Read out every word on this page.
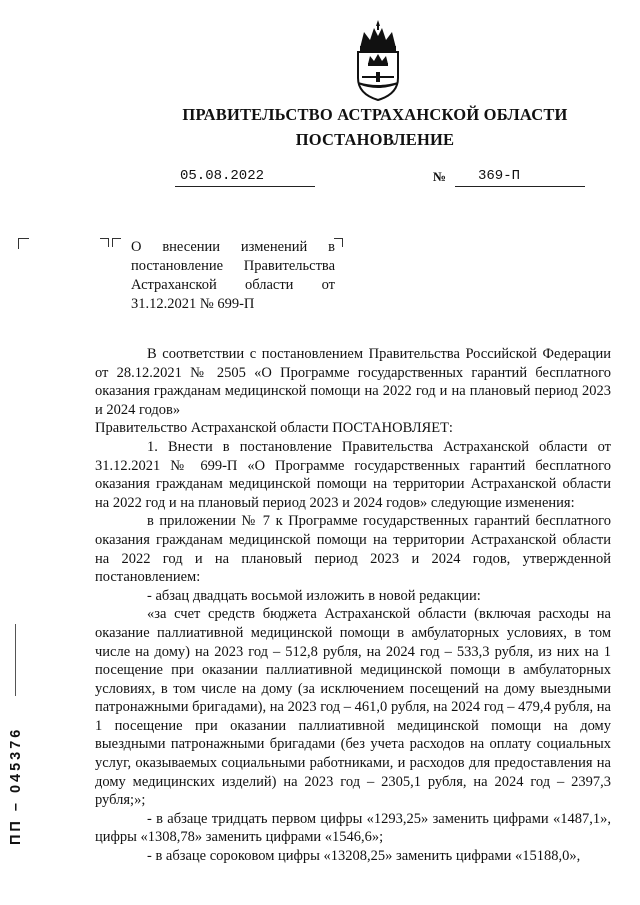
ПРАВИТЕЛЬСТВО АСТРАХАНСКОЙ ОБЛАСТИ
ПОСТАНОВЛЕНИЕ
05.08.2022	№ 369-П
О внесении изменений в постановление Правительства Астраханской области от 31.12.2021 № 699-П

В соответствии с постановлением Правительства Российской Федерации от 28.12.2021 № 2505 «О Программе государственных гарантий бесплатного оказания гражданам медицинской помощи на 2022 год и на плановый период 2023 и 2024 годов»

Правительство Астраханской области ПОСТАНОВЛЯЕТ:

1. Внести в постановление Правительства Астраханской области от 31.12.2021 № 699-П «О Программе государственных гарантий бесплатного оказания гражданам медицинской помощи на территории Астраханской области на 2022 год и на плановый период 2023 и 2024 годов» следующие изменения:

в приложении № 7 к Программе государственных гарантий бесплатного оказания гражданам медицинской помощи на территории Астраханской области на 2022 год и на плановый период 2023 и 2024 годов, утвержденной постановлением:

- абзац двадцать восьмой изложить в новой редакции:

«за счет средств бюджета Астраханской области (включая расходы на оказание паллиативной медицинской помощи в амбулаторных условиях, в том числе на дому) на 2023 год – 512,8 рубля, на 2024 год – 533,3 рубля, из них на 1 посещение при оказании паллиативной медицинской помощи в амбулаторных условиях, в том числе на дому (за исключением посещений на дому выездными патронажными бригадами), на 2023 год – 461,0 рубля, на 2024 год – 479,4 рубля, на 1 посещение при оказании паллиативной медицинской помощи на дому выездными патронажными бригадами (без учета расходов на оплату социальных услуг, оказываемых социальными работниками, и расходов для предоставления на дому медицинских изделий) на 2023 год – 2305,1 рубля, на 2024 год – 2397,3 рубля;»;

- в абзаце тридцать первом цифры «1293,25» заменить цифрами «1487,1», цифры «1308,78» заменить цифрами «1546,6»;

- в абзаце сороковом цифры «13208,25» заменить цифрами «15188,0»,

ПП – 045376
